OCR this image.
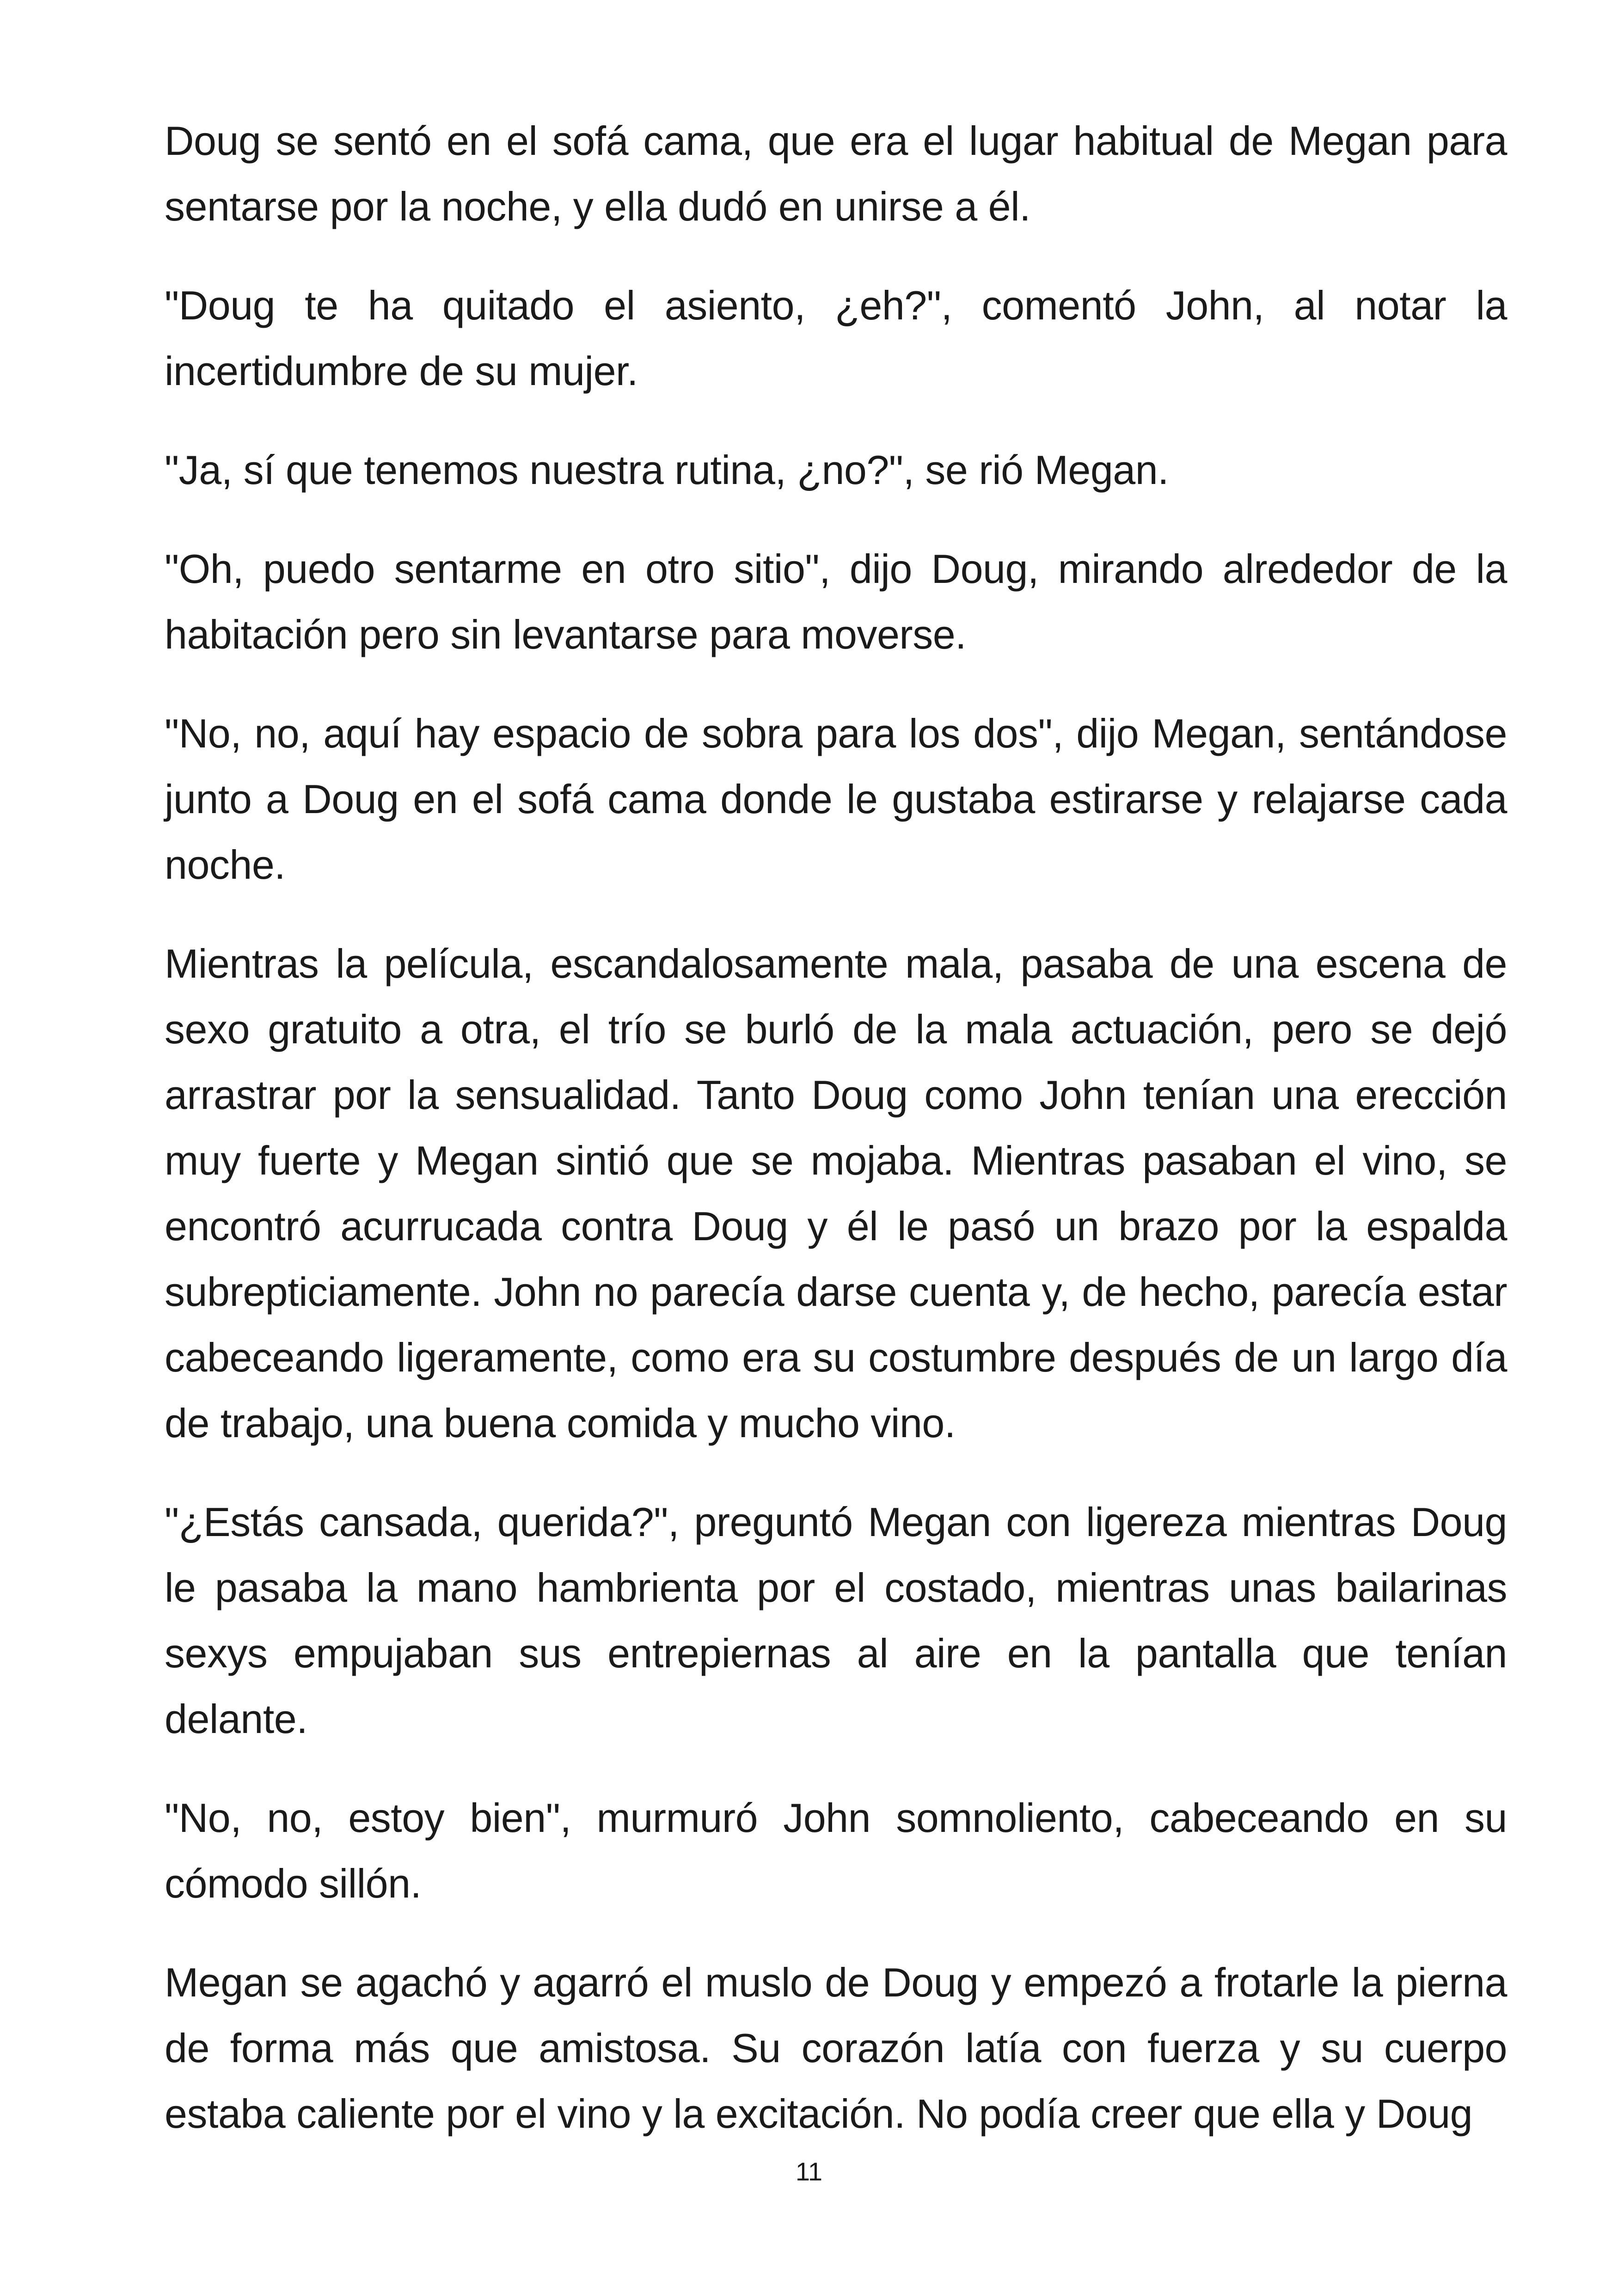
Doug se sentó en el sofá cama, que era el lugar habitual de Megan para sentarse por la noche, y ella dudó en unirse a él.

"Doug te ha quitado el asiento, ¿eh?", comentó John, al notar la incertidumbre de su mujer.

"Ja, sí que tenemos nuestra rutina, ¿no?", se rió Megan.

"Oh, puedo sentarme en otro sitio", dijo Doug, mirando alrededor de la habitación pero sin levantarse para moverse.

"No, no, aquí hay espacio de sobra para los dos", dijo Megan, sentándose junto a Doug en el sofá cama donde le gustaba estirarse y relajarse cada noche.

Mientras la película, escandalosamente mala, pasaba de una escena de sexo gratuito a otra, el trío se burló de la mala actuación, pero se dejó arrastrar por la sensualidad. Tanto Doug como John tenían una erección muy fuerte y Megan sintió que se mojaba. Mientras pasaban el vino, se encontró acurrucada contra Doug y él le pasó un brazo por la espalda subrepticiamente. John no parecía darse cuenta y, de hecho, parecía estar cabeceando ligeramente, como era su costumbre después de un largo día de trabajo, una buena comida y mucho vino.

"¿Estás cansada, querida?", preguntó Megan con ligereza mientras Doug le pasaba la mano hambrienta por el costado, mientras unas bailarinas sexys empujaban sus entrepiernas al aire en la pantalla que tenían delante.

"No, no, estoy bien", murmuró John somnoliento, cabeceando en su cómodo sillón.

Megan se agachó y agarró el muslo de Doug y empezó a frotarle la pierna de forma más que amistosa. Su corazón latía con fuerza y su cuerpo estaba caliente por el vino y la excitación. No podía creer que ella y Doug

11
